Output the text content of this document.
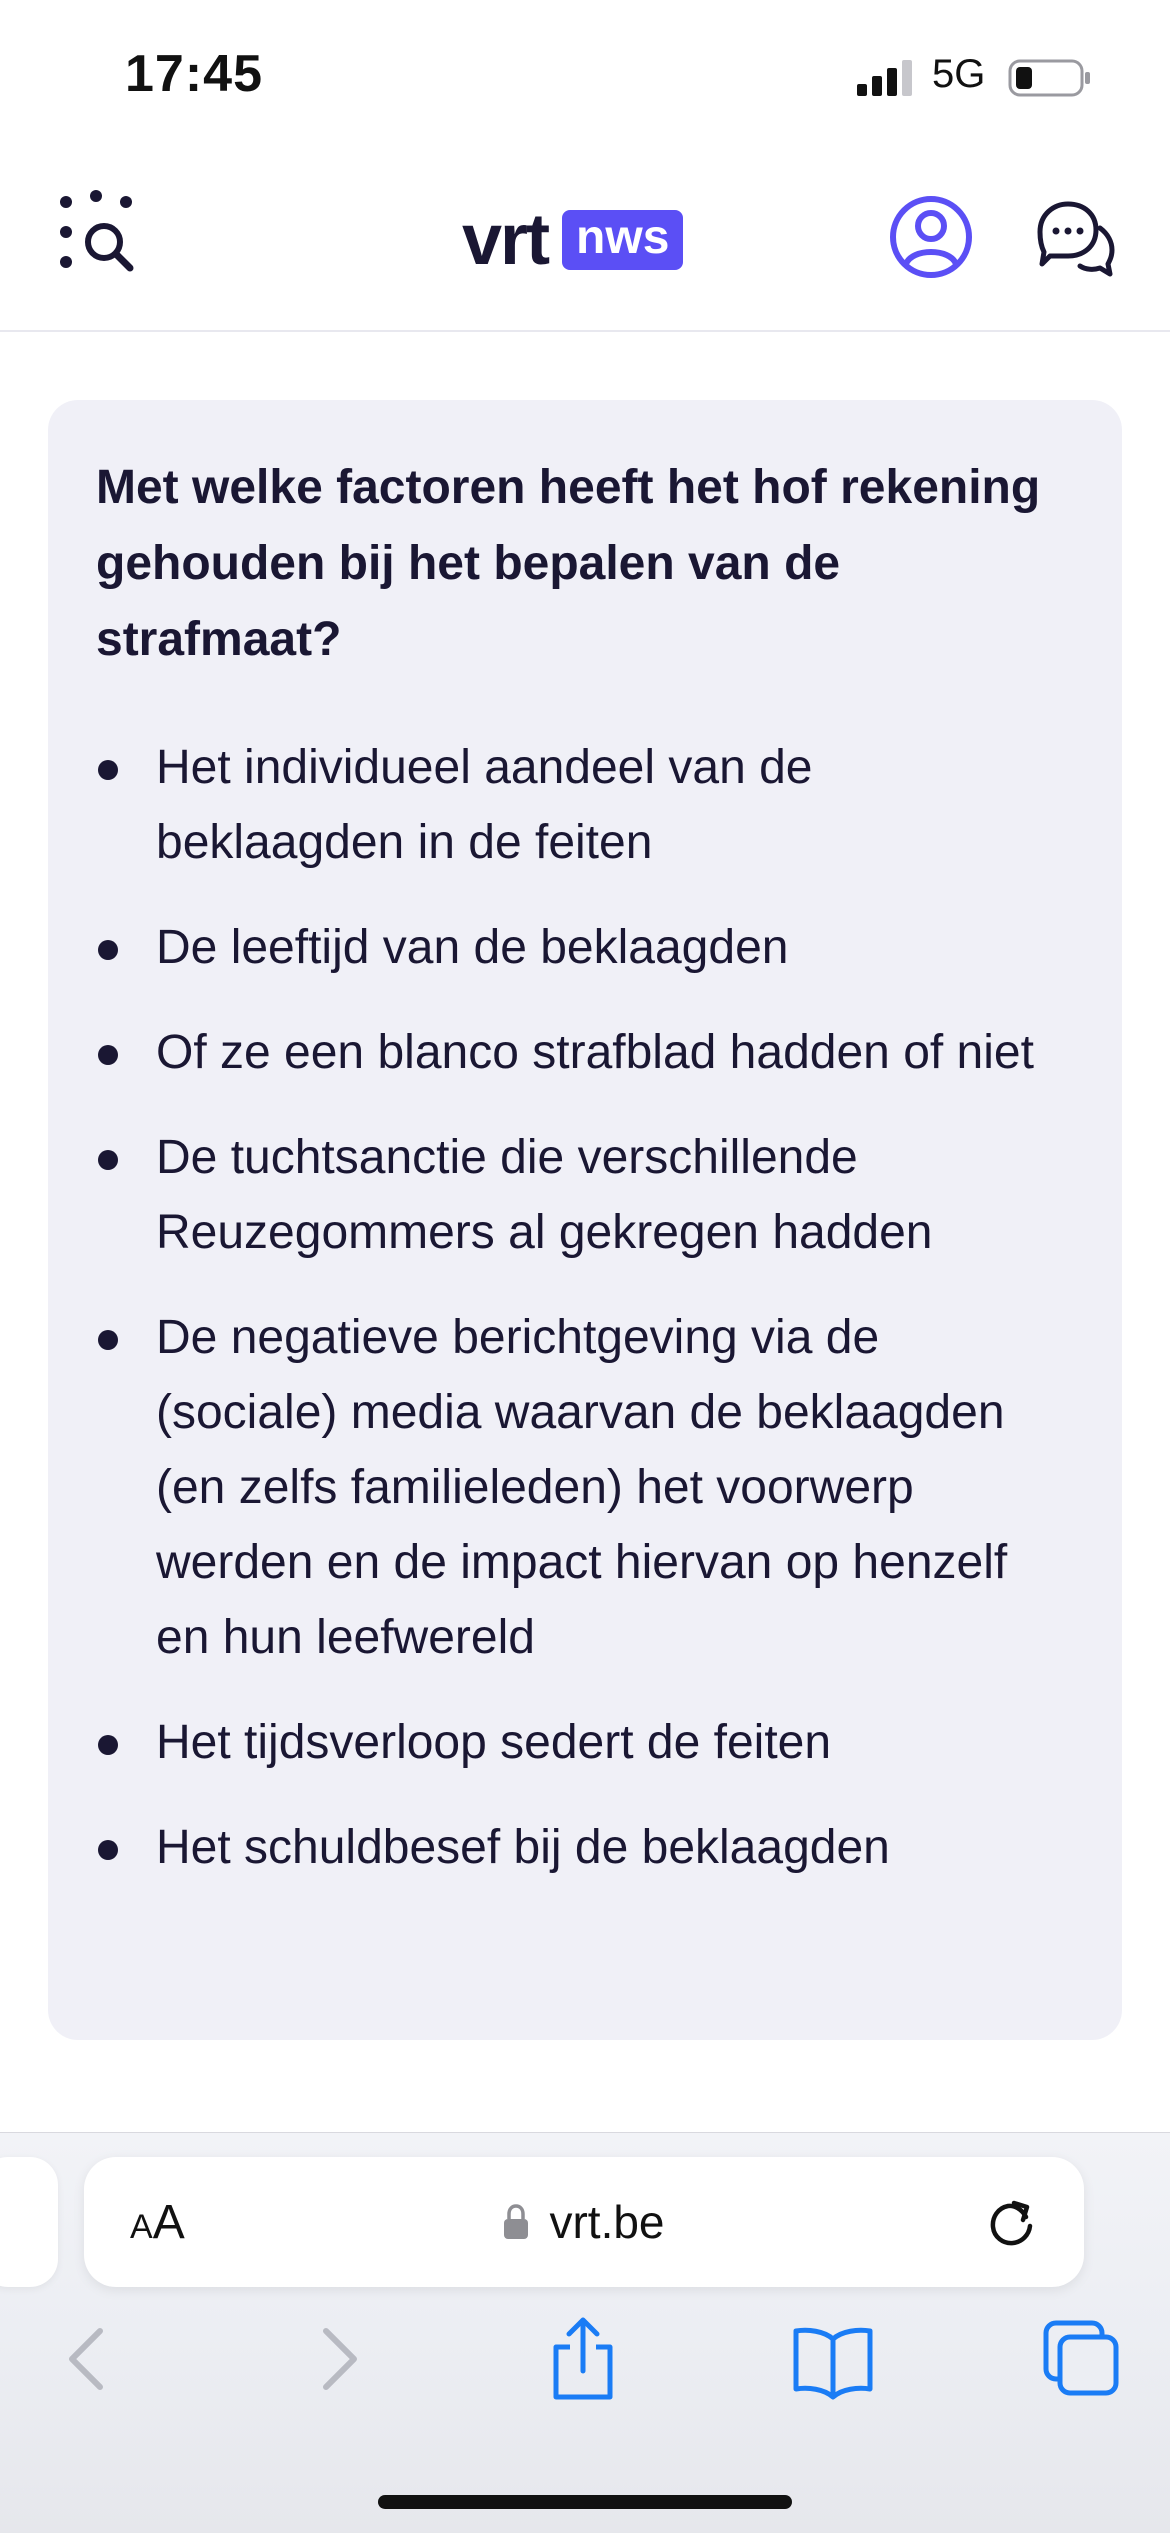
17:45	5G
vrt nws
Met welke factoren heeft het hof rekening gehouden bij het bepalen van de strafmaat?
Het individueel aandeel van de beklaagden in de feiten
De leeftijd van de beklaagden
Of ze een blanco strafblad hadden of niet
De tuchtsanctie die verschillende Reuzegommers al gekregen hadden
De negatieve berichtgeving via de (sociale) media waarvan de beklaagden (en zelfs familieleden) het voorwerp werden en de impact hiervan op henzelf en hun leefwereld
Het tijdsverloop sedert de feiten
Het schuldbesef bij de beklaagden
A A	vrt.be
